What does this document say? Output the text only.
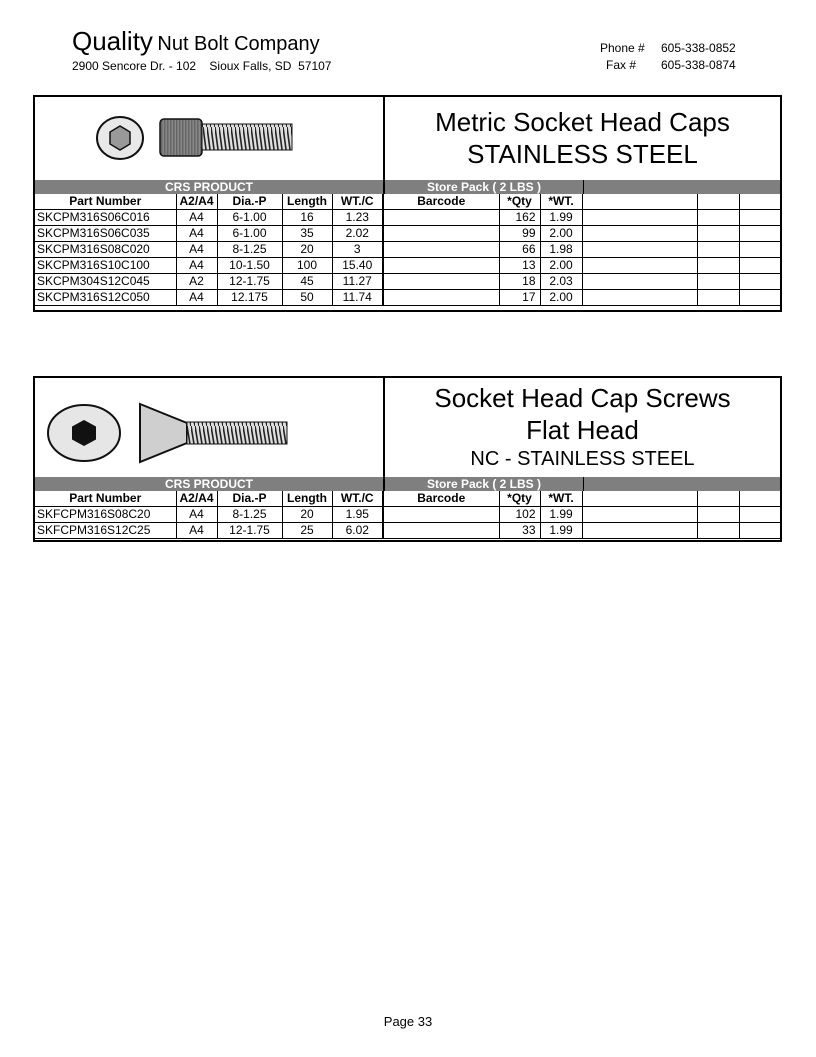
Quality Nut Bolt Company
2900 Sencore Dr. - 102    Sioux Falls, SD  57107
Phone #	605-338-0852
Fax #	605-338-0874
Metric Socket Head Caps
STAINLESS STEEL
CRS PRODUCT	Store Pack ( 2 LBS )
Part Number	A2/A4	Dia.-P	Length	WT./C	Barcode	*Qty	*WT.			
SKCPM316S06C016	A4	6-1.00	16	1.23		162	1.99			
SKCPM316S06C035	A4	6-1.00	35	2.02		99	2.00			
SKCPM316S08C020	A4	8-1.25	20	3		66	1.98			
SKCPM316S10C100	A4	10-1.50	100	15.40		13	2.00			
SKCPM304S12C045	A2	12-1.75	45	11.27		18	2.03			
SKCPM316S12C050	A4	12.175	50	11.74		17	2.00			
Socket Head Cap Screws
Flat Head
NC - STAINLESS STEEL
CRS PRODUCT	Store Pack ( 2 LBS )
Part Number	A2/A4	Dia.-P	Length	WT./C	Barcode	*Qty	*WT.			
SKFCPM316S08C20	A4	8-1.25	20	1.95		102	1.99			
SKFCPM316S12C25	A4	12-1.75	25	6.02		33	1.99			
Page 33
